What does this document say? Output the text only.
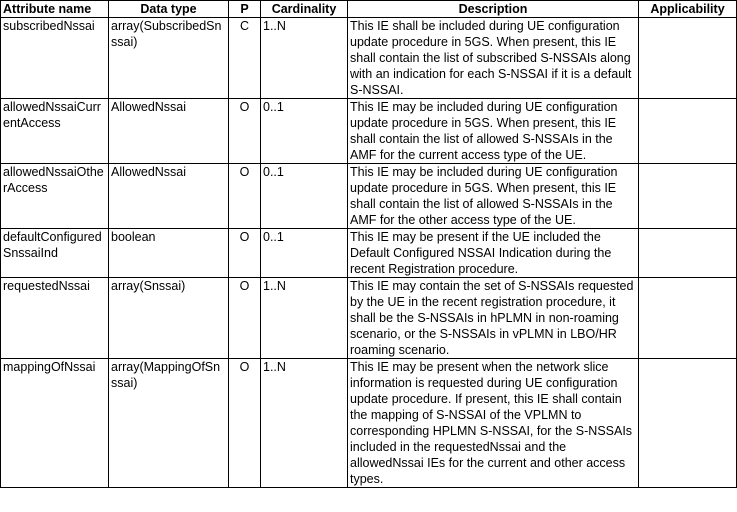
Attribute name	Data type	P	Cardinality	Description	Applicability
subscribedNssai	array(SubscribedSnssai)	C	1..N	This IE shall be included during UE configuration update procedure in 5GS. When present, this IE shall contain the list of subscribed S-NSSAIs along with an indication for each S-NSSAI if it is a default S-NSSAI.	
allowedNssaiCurrentAccess	AllowedNssai	O	0..1	This IE may be included during UE configuration update procedure in 5GS. When present, this IE shall contain the list of allowed S-NSSAIs in the AMF for the current access type of the UE.	
allowedNssaiOtherAccess	AllowedNssai	O	0..1	This IE may be included during UE configuration update procedure in 5GS. When present, this IE shall contain the list of allowed S-NSSAIs in the AMF for the other access type of the UE.	
defaultConfiguredSnssaiInd	boolean	O	0..1	This IE may be present if the UE included the Default Configured NSSAI Indication during the recent Registration procedure.	
requestedNssai	array(Snssai)	O	1..N	This IE may contain the set of S-NSSAIs requested by the UE in the recent registration procedure, it shall be the S-NSSAIs in hPLMN in non-roaming scenario, or the S-NSSAIs in vPLMN in LBO/HR roaming scenario.	
mappingOfNssai	array(MappingOfSnssai)	O	1..N	This IE may be present when the network slice information is requested during UE configuration update procedure. If present, this IE shall contain the mapping of S-NSSAI of the VPLMN to corresponding HPLMN S-NSSAI, for the S-NSSAIs included in the requestedNssai and the allowedNssai IEs for the current and other access types.	
